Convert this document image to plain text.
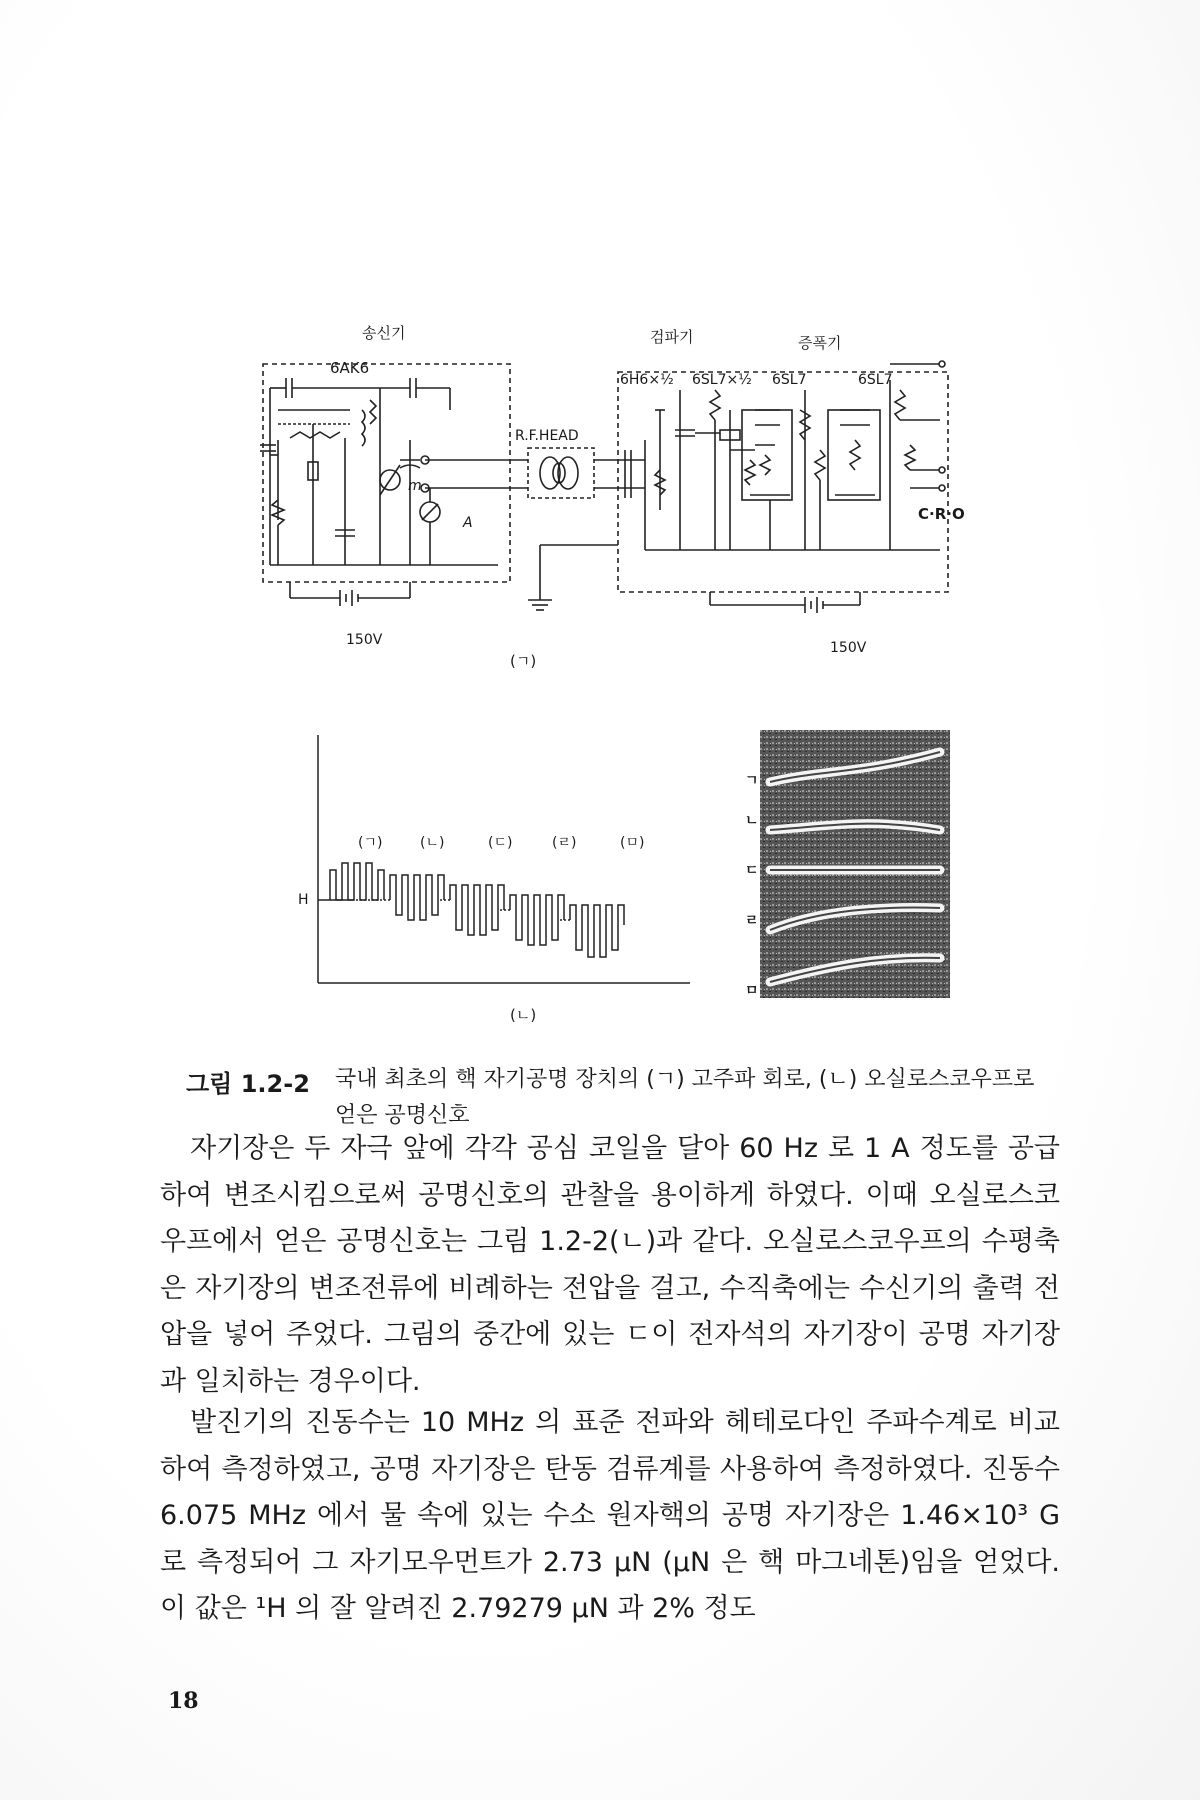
송신기	검파기	증폭기
6AK6
6H6×½ 6SL7×½ 6SL7	6SL7
R.F.HEAD
m
A	C·R·O
150V	150V
(ㄱ)
H
(ㄱ)	(ㄴ)	(ㄷ)	(ㄹ)	(ㅁ)
(ㄴ)
ㄱ
ㄴ
ㄷ
ㄹ
ㅁ
그림 1.2-2 국내 최초의 핵 자기공명 장치의 (ㄱ) 고주파 회로, (ㄴ) 오실로스코우프로 얻은 공명신호

자기장은 두 자극 앞에 각각 공심 코일을 달아 60 Hz 로 1 A 정도를 공급하여 변조시킴으로써 공명신호의 관찰을 용이하게 하였다. 이때 오실로스코우프에서 얻은 공명신호는 그림 1.2-2(ㄴ)과 같다. 오실로스코우프의 수평축은 자기장의 변조전류에 비례하는 전압을 걸고, 수직축에는 수신기의 출력 전압을 넣어 주었다. 그림의 중간에 있는 ㄷ이 전자석의 자기장이 공명 자기장과 일치하는 경우이다.

발진기의 진동수는 10 MHz 의 표준 전파와 헤테로다인 주파수계로 비교하여 측정하였고, 공명 자기장은 탄동 검류계를 사용하여 측정하였다. 진동수 6.075 MHz 에서 물 속에 있는 수소 원자핵의 공명 자기장은 1.46×10³ G 로 측정되어 그 자기모우먼트가 2.73 μN (μN 은 핵 마그네톤)임을 얻었다. 이 값은 ¹H 의 잘 알려진 2.79279 μN 과 2% 정도

18
